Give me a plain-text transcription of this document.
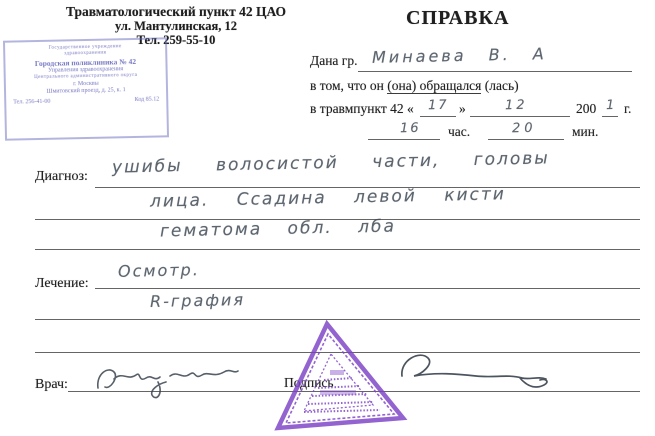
Травматологический пункт 42 ЦАО
ул. Мантулинская, 12
Тел. 259-55-10
Государственное учреждение
здравоохранения
Городская поликлиника № 42
Управления здравоохранения
Центрального административного округа
г. Москвы
Шмитовский проезд, д. 25, к. 1
Тел. 256-41-00	Код 85.12
СПРАВКА
Дана гр. Минаева В. А
в том, что он (она) обращался (лась)
в травмпункт 42 « 17 »	12	200 1 г.
16 час.	20	мин.
Диагноз: ушибы волосистой части, головы
лица. Ссадина левой кисти
гематома обл. лба
Лечение:
Осмотр.
R-графия
Врач:	Подпись
